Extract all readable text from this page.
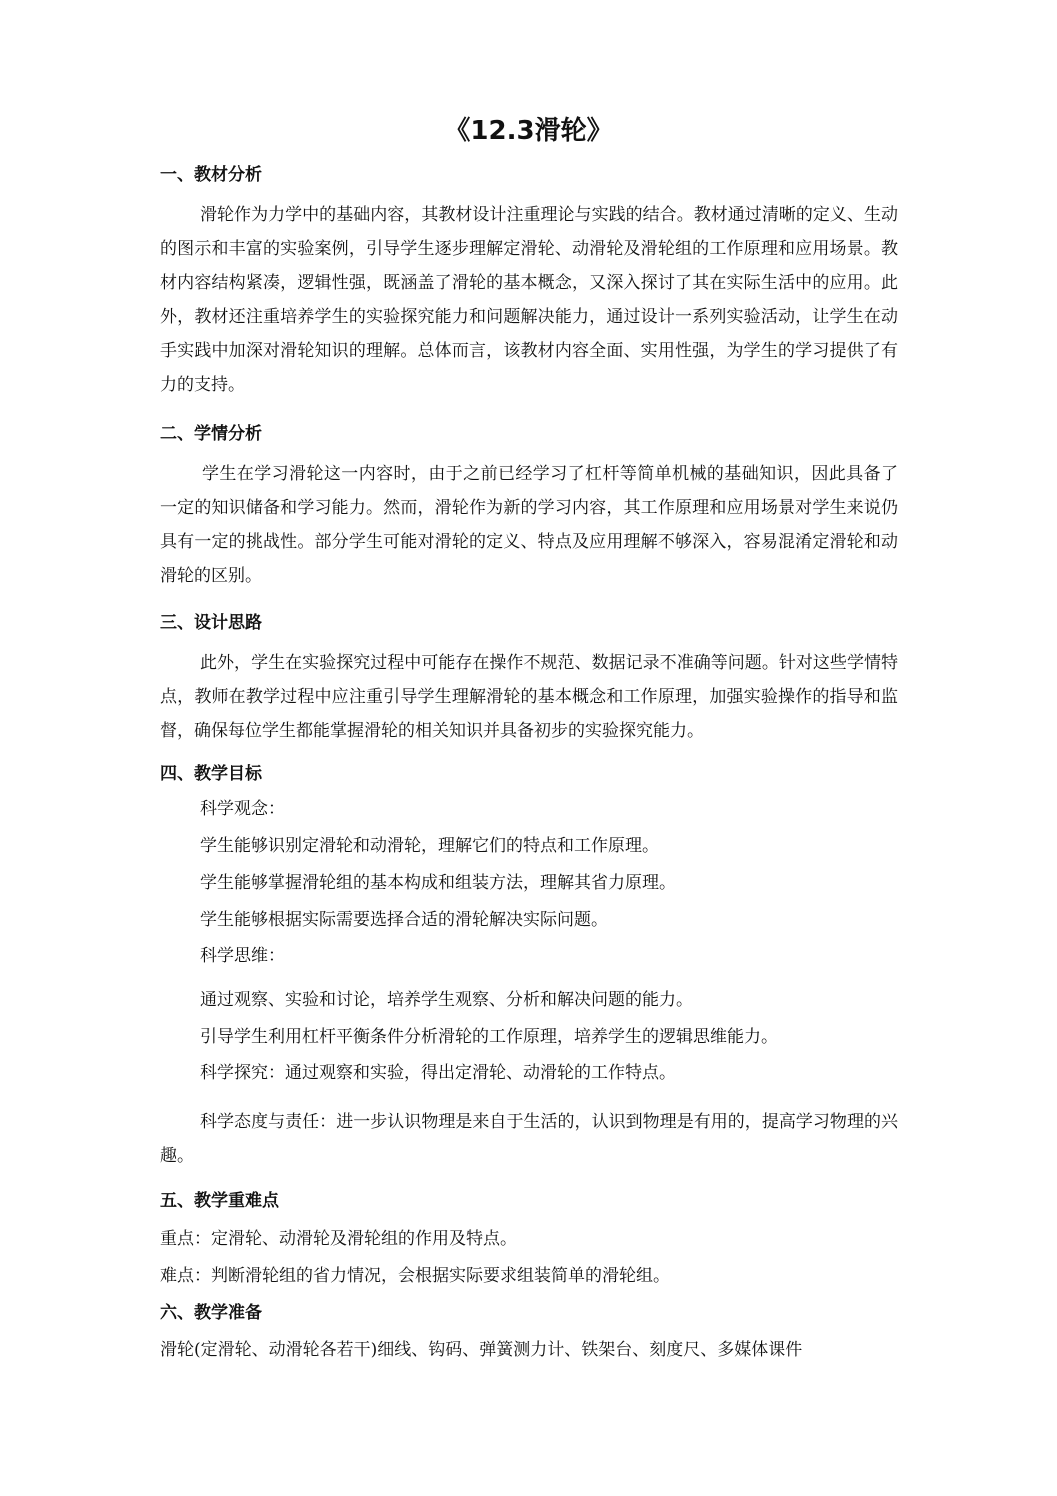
《12.3滑轮》
一、教材分析
滑轮作为力学中的基础内容，其教材设计注重理论与实践的结合。教材通过清晰的定义、生动的图示和丰富的实验案例，引导学生逐步理解定滑轮、动滑轮及滑轮组的工作原理和应用场景。教材内容结构紧凑，逻辑性强，既涵盖了滑轮的基本概念，又深入探讨了其在实际生活中的应用。此外，教材还注重培养学生的实验探究能力和问题解决能力，通过设计一系列实验活动，让学生在动手实践中加深对滑轮知识的理解。总体而言，该教材内容全面、实用性强，为学生的学习提供了有力的支持。
二、学情分析
学生在学习滑轮这一内容时，由于之前已经学习了杠杆等简单机械的基础知识，因此具备了一定的知识储备和学习能力。然而，滑轮作为新的学习内容，其工作原理和应用场景对学生来说仍具有一定的挑战性。部分学生可能对滑轮的定义、特点及应用理解不够深入，容易混淆定滑轮和动滑轮的区别。
三、设计思路
此外，学生在实验探究过程中可能存在操作不规范、数据记录不准确等问题。针对这些学情特点，教师在教学过程中应注重引导学生理解滑轮的基本概念和工作原理，加强实验操作的指导和监督，确保每位学生都能掌握滑轮的相关知识并具备初步的实验探究能力。
四、教学目标
科学观念：
学生能够识别定滑轮和动滑轮，理解它们的特点和工作原理。
学生能够掌握滑轮组的基本构成和组装方法，理解其省力原理。
学生能够根据实际需要选择合适的滑轮解决实际问题。
科学思维：
通过观察、实验和讨论，培养学生观察、分析和解决问题的能力。
引导学生利用杠杆平衡条件分析滑轮的工作原理，培养学生的逻辑思维能力。
科学探究：通过观察和实验，得出定滑轮、动滑轮的工作特点。
科学态度与责任：进一步认识物理是来自于生活的，认识到物理是有用的，提高学习物理的兴趣。
五、教学重难点
重点：定滑轮、动滑轮及滑轮组的作用及特点。
难点：判断滑轮组的省力情况，会根据实际要求组装简单的滑轮组。
六、教学准备
滑轮(定滑轮、动滑轮各若干)细线、钩码、弹簧测力计、铁架台、刻度尺、多媒体课件
